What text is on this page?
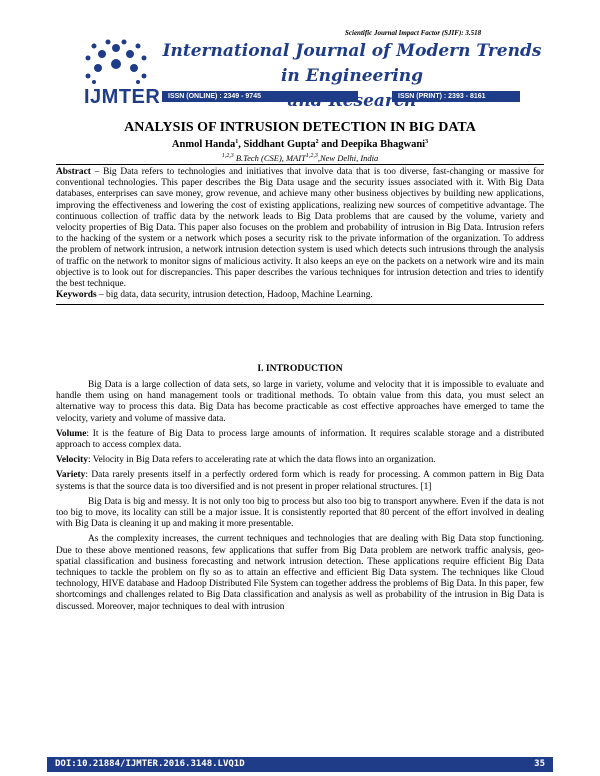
Scientific Journal Impact Factor (SJIF): 3.518
IJMTER
International Journal of Modern Trends in Engineering
Research
ISSN (ONLINE) : 2349 - 9745	ISSN (PRINT) : 2393 - 8161
ANALYSIS OF INTRUSION DETECTION IN BIG DATA
Anmol Handa$^1$, Siddhant Gupta$^2$ and Deepika Bhagwani$^3$
$^{1,2,3}$ B.Tech (CSE), MAIT$^{1,2,3}$,New Delhi, India

Abstract – Big Data refers to technologies and initiatives that involve data that is too diverse, fast-changing or massive for conventional technologies. This paper describes the Big Data usage and the security issues associated with it. With Big Data databases, enterprises can save money, grow revenue, and achieve many other business objectives by building new applications, improving the effectiveness and lowering the cost of existing applications, realizing new sources of competitive advantage. The continuous collection of traffic data by the network leads to Big Data problems that are caused by the volume, variety and velocity properties of Big Data. This paper also focuses on the problem and probability of intrusion in Big Data. Intrusion refers to the hacking of the system or a network which poses a security risk to the private information of the organization. To address the problem of network intrusion, a network intrusion detection system is used which detects such intrusions through the analysis of traffic on the network to monitor signs of malicious activity. It also keeps an eye on the packets on a network wire and its main objective is to look out for discrepancies. This paper describes the various techniques for intrusion detection and tries to identify the best technique.

Keywords – big data, data security, intrusion detection, Hadoop, Machine Learning.

I. INTRODUCTION

Big Data is a large collection of data sets, so large in variety, volume and velocity that it is impossible to evaluate and handle them using on hand management tools or traditional methods. To obtain value from this data, you must select an alternative way to process this data. Big Data has become practicable as cost effective approaches have emerged to tame the velocity, variety and volume of massive data.

Volume: It is the feature of Big Data to process large amounts of information. It requires scalable storage and a distributed approach to access complex data.

Velocity: Velocity in Big Data refers to accelerating rate at which the data flows into an organization.

Variety: Data rarely presents itself in a perfectly ordered form which is ready for processing. A common pattern in Big Data systems is that the source data is too diversified and is not present in proper relational structures. [1]

Big Data is big and messy. It is not only too big to process but also too big to transport anywhere. Even if the data is not too big to move, its locality can still be a major issue. It is consistently reported that 80 percent of the effort involved in dealing with Big Data is cleaning it up and making it more presentable.

As the complexity increases, the current techniques and technologies that are dealing with Big Data stop functioning. Due to these above mentioned reasons, few applications that suffer from Big Data problem are network traffic analysis, geo-spatial classification and business forecasting and network intrusion detection. These applications require efficient Big Data techniques to tackle the problem on fly so as to attain an effective and efficient Big Data system. The techniques like Cloud technology, HIVE database and Hadoop Distributed File System can together address the problems of Big Data. In this paper, few shortcomings and challenges related to Big Data classification and analysis as well as probability of the intrusion in Big Data is discussed. Moreover, major techniques to deal with intrusion

DOI:10.21884/IJMTER.2016.3148.LVQ1D	35
